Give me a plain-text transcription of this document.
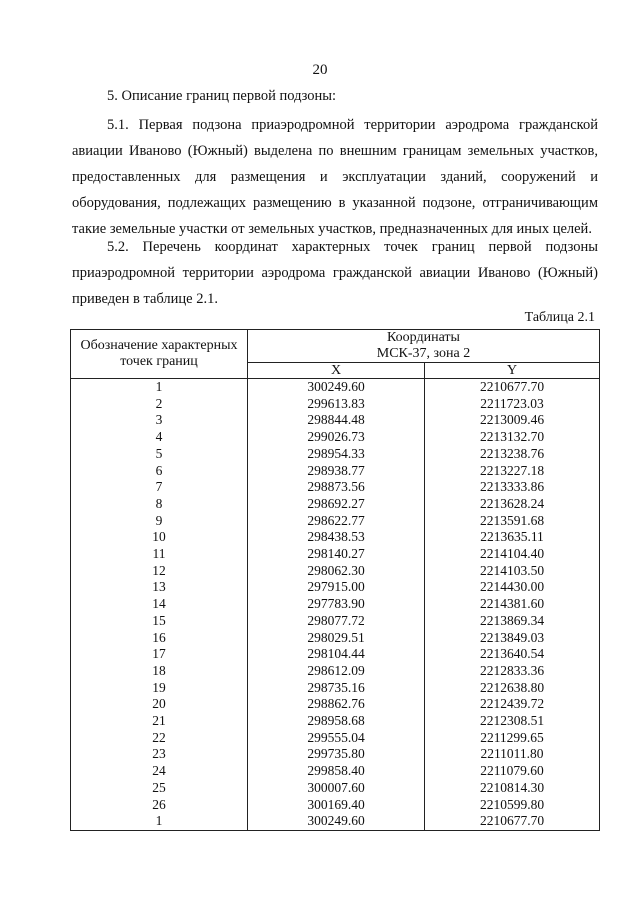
20
5. Описание границ первой подзоны:
5.1. Первая подзона приаэродромной территории аэродрома гражданской авиации Иваново (Южный) выделена по внешним границам земельных участков, предоставленных для размещения и эксплуатации зданий, сооружений и оборудования, подлежащих размещению в указанной подзоне, отграничивающим такие земельные участки от земельных участков, предназначенных для иных целей.
5.2. Перечень координат характерных точек границ первой подзоны приаэродромной территории аэродрома гражданской авиации Иваново (Южный) приведен в таблице 2.1.
Таблица 2.1
Обозначение характерных точек границ	Координаты
МСК-37, зона 2	

	X	Y
1	300249.60	2210677.70
2	299613.83	2211723.03
3	298844.48	2213009.46
4	299026.73	2213132.70
5	298954.33	2213238.76
6	298938.77	2213227.18
7	298873.56	2213333.86
8	298692.27	2213628.24
9	298622.77	2213591.68
10	298438.53	2213635.11
11	298140.27	2214104.40
12	298062.30	2214103.50
13	297915.00	2214430.00
14	297783.90	2214381.60
15	298077.72	2213869.34
16	298029.51	2213849.03
17	298104.44	2213640.54
18	298612.09	2212833.36
19	298735.16	2212638.80
20	298862.76	2212439.72
21	298958.68	2212308.51
22	299555.04	2211299.65
23	299735.80	2211011.80
24	299858.40	2211079.60
25	300007.60	2210814.30
26	300169.40	2210599.80
1	300249.60	2210677.70
